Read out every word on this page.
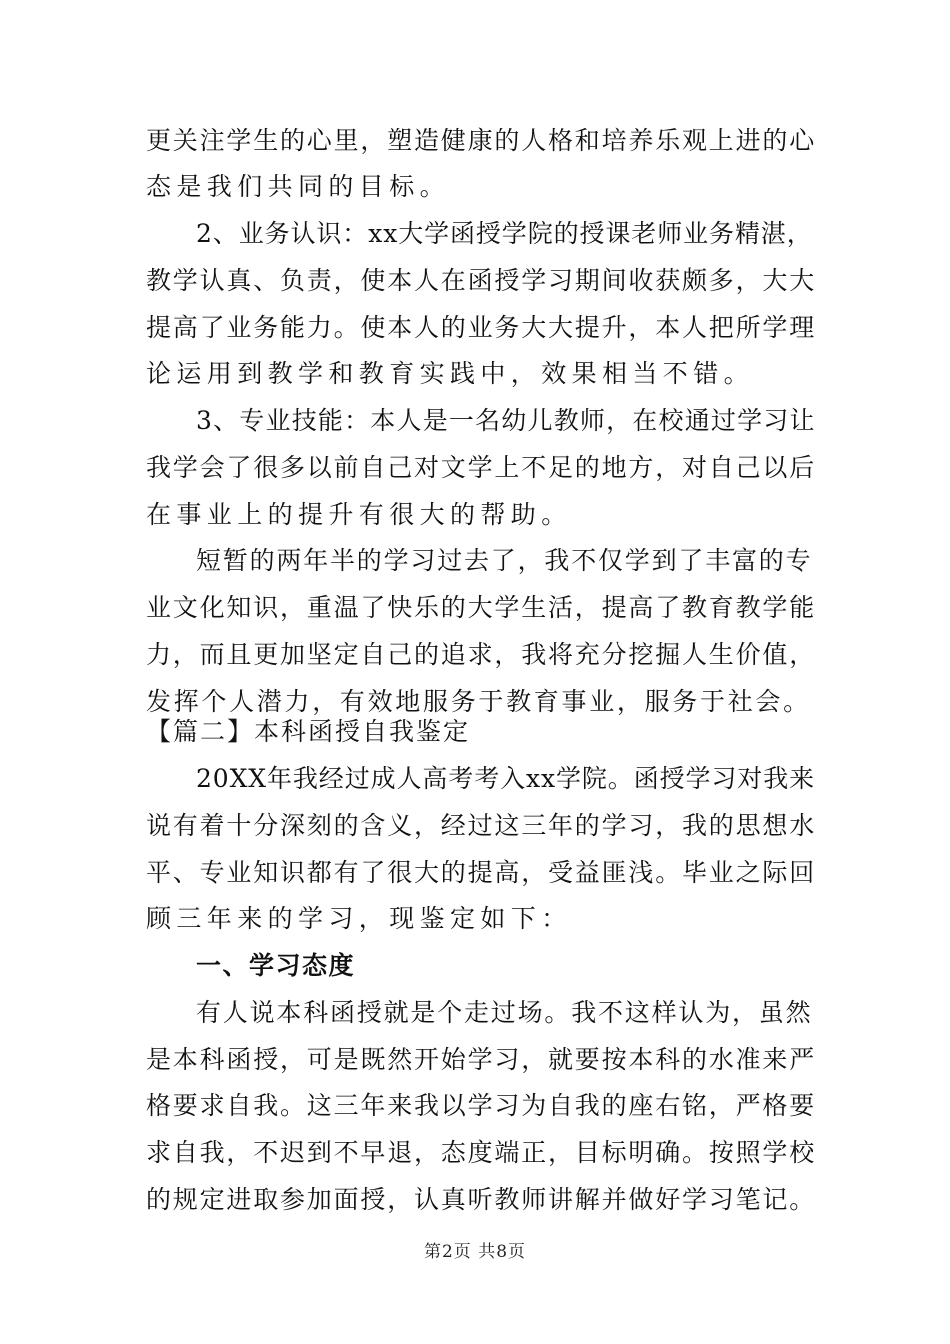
更关注学生的心里，塑造健康的人格和培养乐观上进的心
态是我们共同的目标。
2、业务认识：xx大学函授学院的授课老师业务精湛，
教学认真、负责，使本人在函授学习期间收获颇多，大大
提高了业务能力。使本人的业务大大提升，本人把所学理
论运用到教学和教育实践中，效果相当不错。
3、专业技能：本人是一名幼儿教师，在校通过学习让
我学会了很多以前自己对文学上不足的地方，对自己以后
在事业上的提升有很大的帮助。
短暂的两年半的学习过去了，我不仅学到了丰富的专
业文化知识，重温了快乐的大学生活，提高了教育教学能
力，而且更加坚定自己的追求，我将充分挖掘人生价值，
发挥个人潜力，有效地服务于教育事业，服务于社会。
【篇二】本科函授自我鉴定
20XX年我经过成人高考考入xx学院。函授学习对我来
说有着十分深刻的含义，经过这三年的学习，我的思想水
平、专业知识都有了很大的提高，受益匪浅。毕业之际回
顾三年来的学习，现鉴定如下：
一、学习态度
有人说本科函授就是个走过场。我不这样认为，虽然
是本科函授，可是既然开始学习，就要按本科的水准来严
格要求自我。这三年来我以学习为自我的座右铭，严格要
求自我，不迟到不早退，态度端正，目标明确。按照学校
的规定进取参加面授，认真听教师讲解并做好学习笔记。
第2页 共8页
